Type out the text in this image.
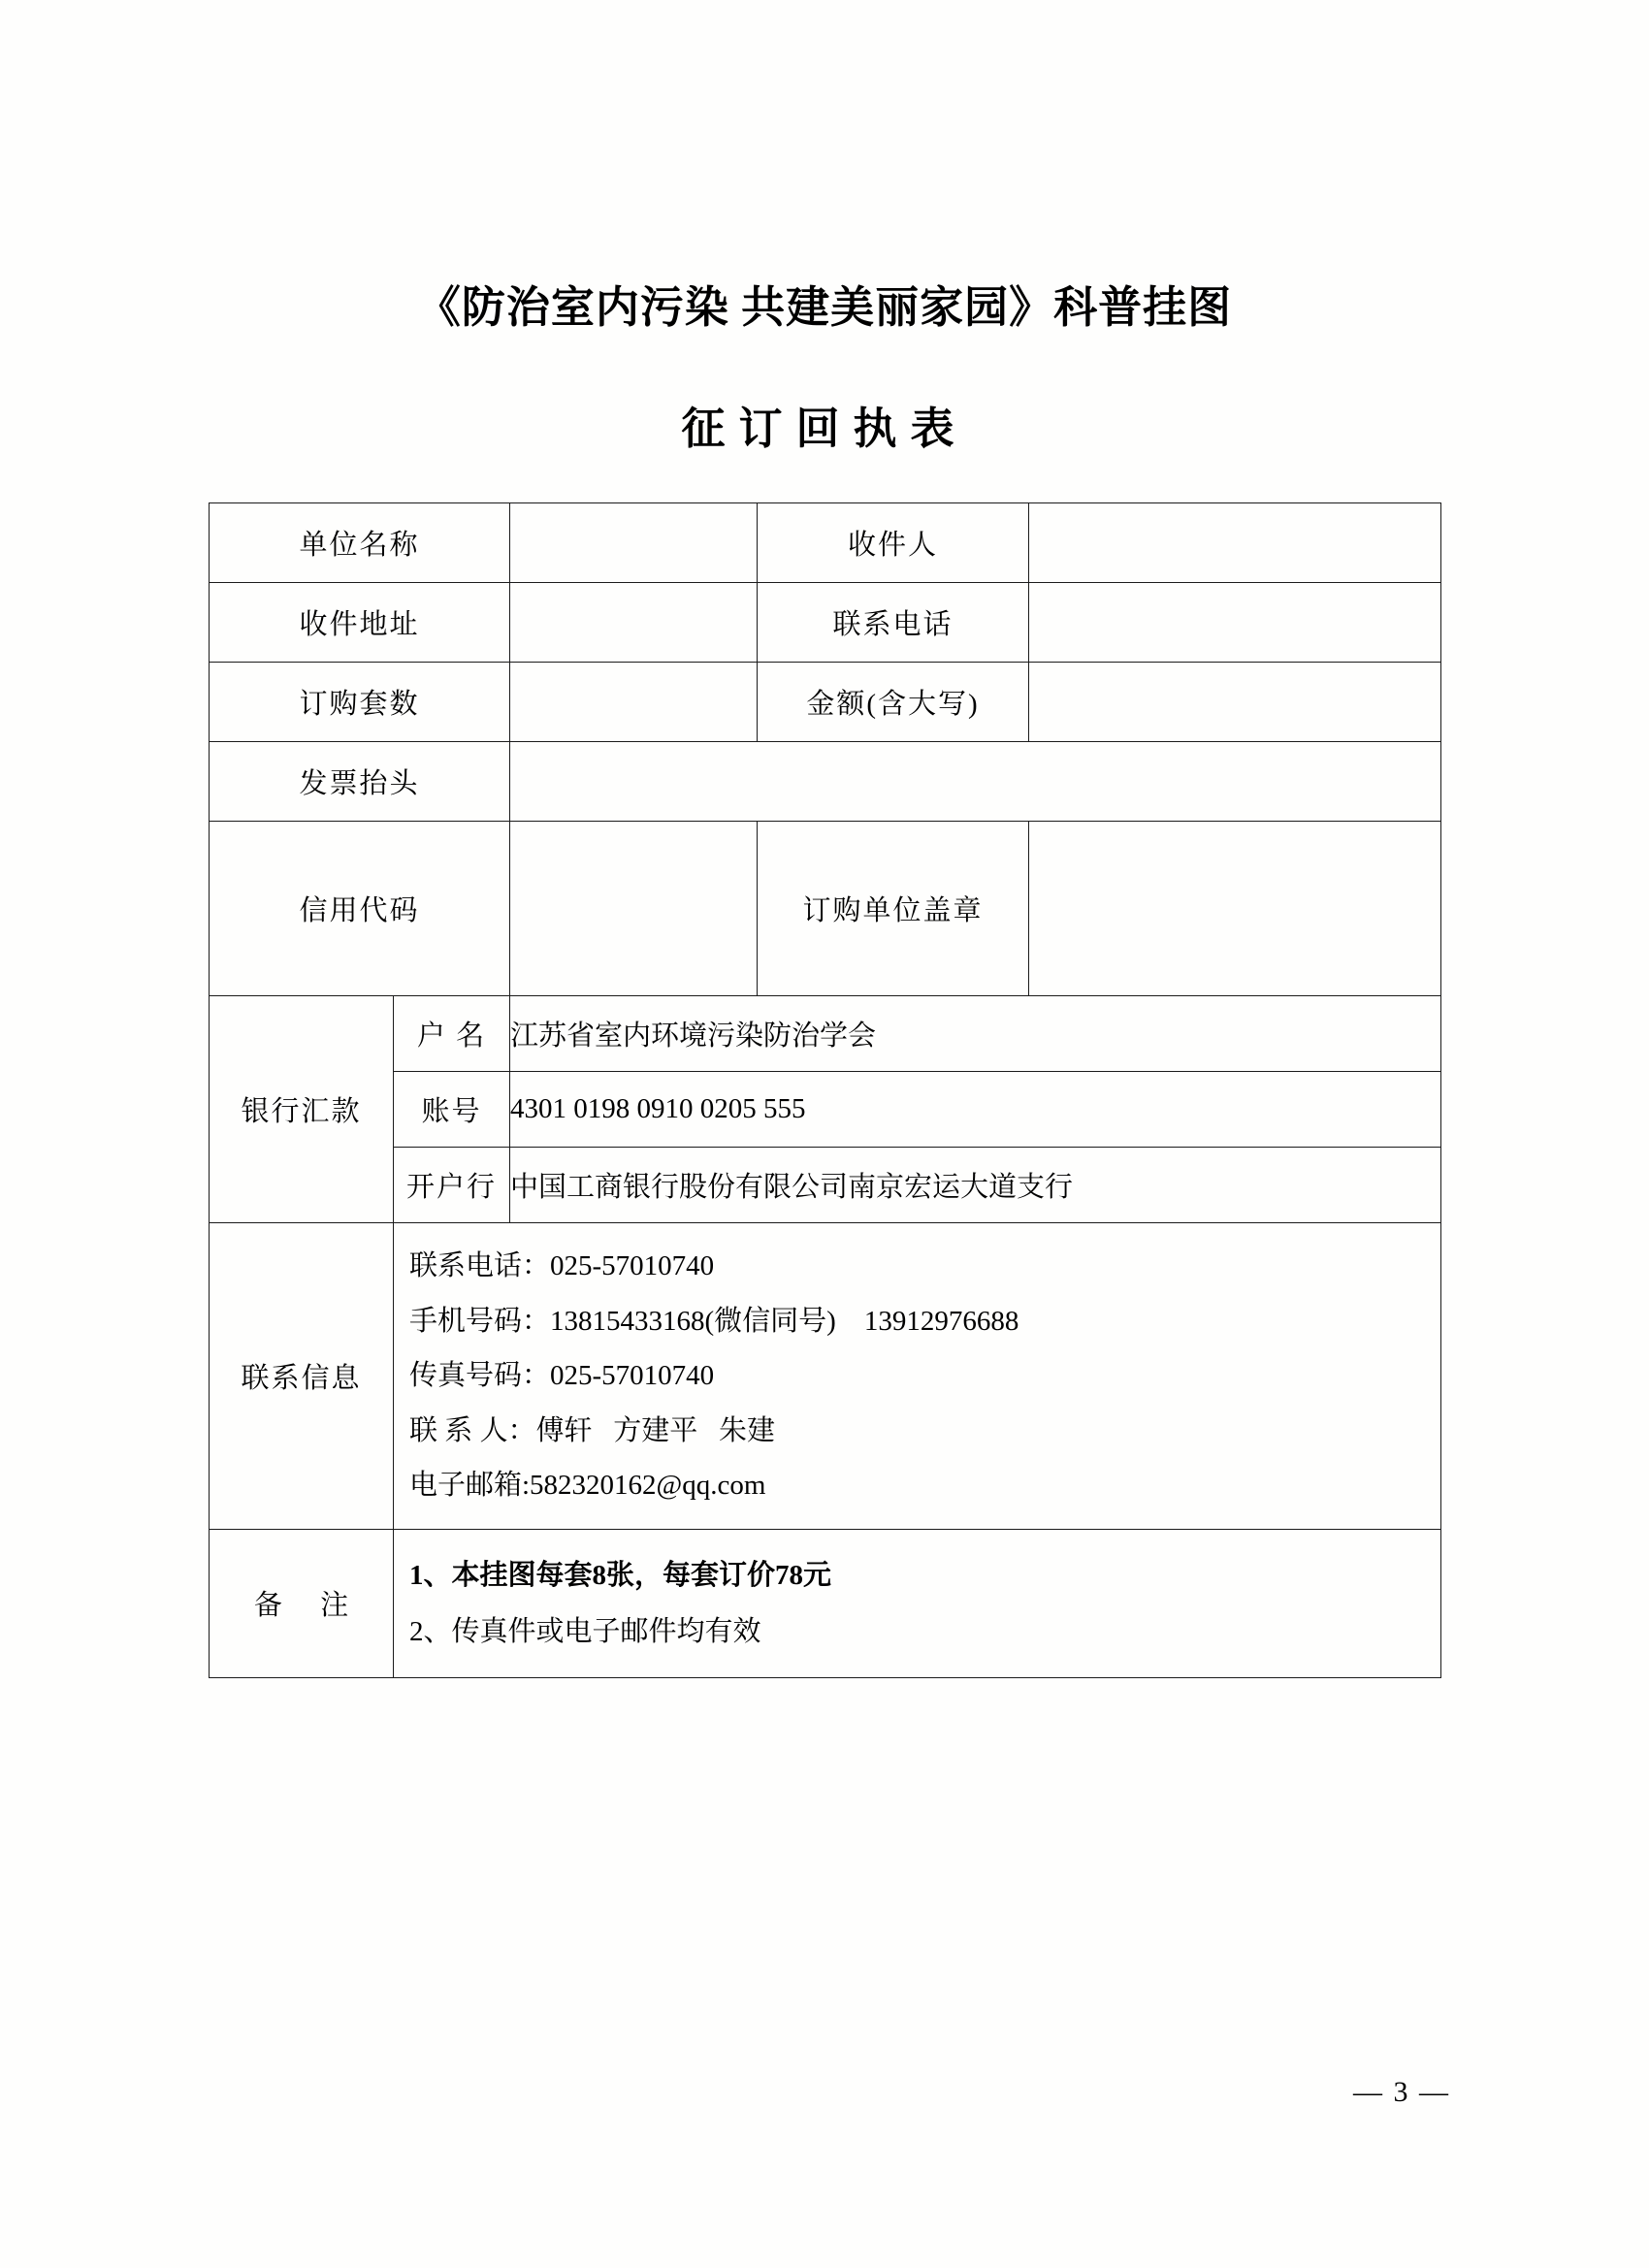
《防治室内污染 共建美丽家园》科普挂图
征订回执表
单位名称			收件人	
收件地址			联系电话	
订购套数			金额(含大写)	
发票抬头				
信用代码			订购单位盖章	
银行汇款	户 名	江苏省室内环境污染防治学会		
	账号	4301 0198 0910 0205 555		
	开户行	中国工商银行股份有限公司南京宏运大道支行		
联系信息	联系电话：025-57010740
手机号码：13815433168(微信同号)    13912976688
传真号码：025-57010740
联 系 人：傅轩   方建平   朱建
电子邮箱:582320162@qq.com			

备 注	1、本挂图每套8张，每套订价78元
2、传真件或电子邮件均有效			
— 3 —
